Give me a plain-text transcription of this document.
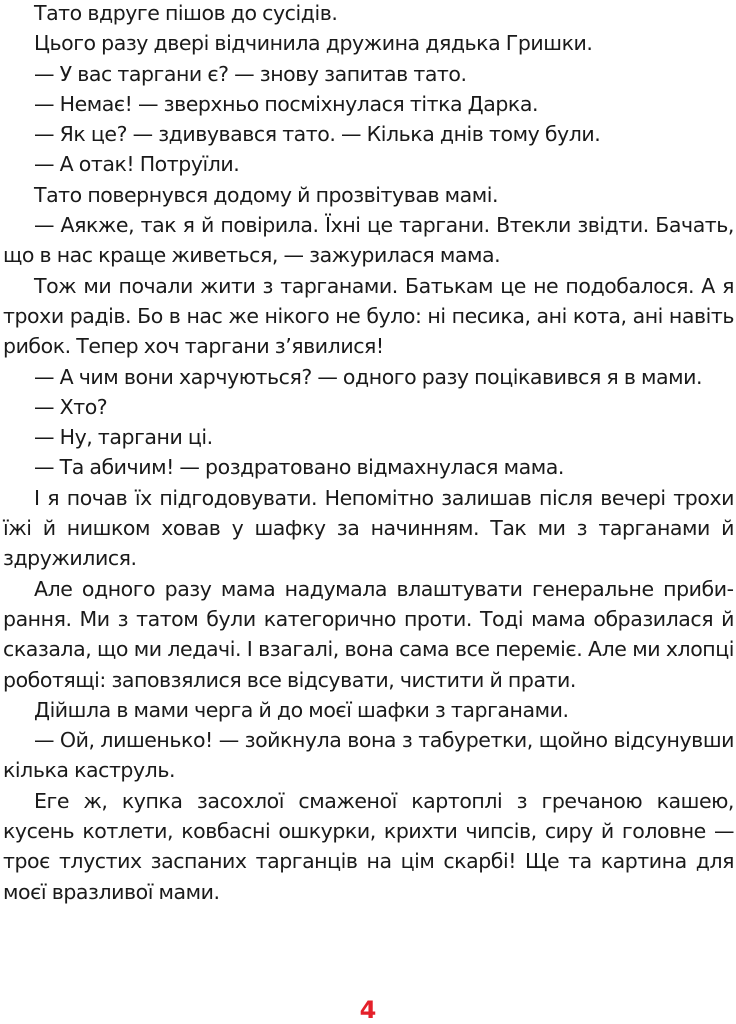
Тато вдруге пішов до сусідів.

Цього разу двері відчинила дружина дядька Гришки.

— У вас таргани є? — знову запитав тато.

— Немає! — зверхньо посміхнулася тітка Дарка.

— Як це? — здивувався тато. — Кілька днів тому були.

— А отак! Потруїли.

Тато повернувся додому й прозвітував мамі.

— Аякже, так я й повірила. Їхні це таргани. Втекли звідти. Бачать, що в нас краще живеться, — зажурилася мама.

Тож ми почали жити з тарганами. Батькам це не подобалося. А я трохи радів. Бо в нас же нікого не було: ні песика, ані кота, ані навіть рибок. Тепер хоч таргани з’явилися!

— А чим вони харчуються? — одного разу поцікавився я в мами.

— Хто?

— Ну, таргани ці.

— Та абичим! — роздратовано відмахнулася мама.

І я почав їх підгодовувати. Непомітно залишав після вечері трохи їжі й нишком ховав у шафку за начинням. Так ми з тарганами й здружилися.

Але одного разу мама надумала влаштувати генеральне прибирання. Ми з татом були категорично проти. Тоді мама образилася й сказала, що ми ледачі. І взагалі, вона сама все переміє. Але ми хлопці роботящі: заповзялися все відсувати, чистити й прати.

Дійшла в мами черга й до моєї шафки з тарганами.

— Ой, лишенько! — зойкнула вона з табуретки, щойно відсунувши кілька каструль.

Еге ж, купка засохлої смаженої картоплі з гречаною кашею, кусень котлети, ковбасні ошкурки, крихти чипсів, сиру й головне — троє тлустих заспаних тарганців на цім скарбі! Ще та картина для моєї вразливої мами.

4
